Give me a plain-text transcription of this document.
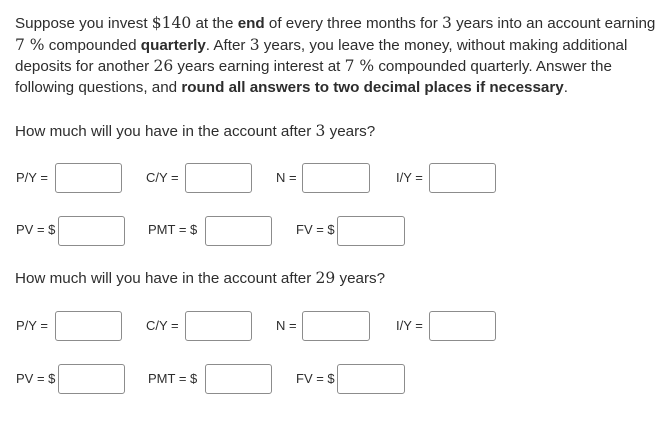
Suppose you invest $140 at the end of every three months for 3 years into an account earning
7 % compounded quarterly. After 3 years, you leave the money, without making additional
deposits for another 26 years earning interest at 7 % compounded quarterly. Answer the
following questions, and round all answers to two decimal places if necessary.
How much will you have in the account after 3 years?
P/Y =	C/Y =	N =	I/Y =
PV = $	PMT = $	FV = $
How much will you have in the account after 29 years?
P/Y =	C/Y =	N =	I/Y =
PV = $	PMT = $	FV = $
